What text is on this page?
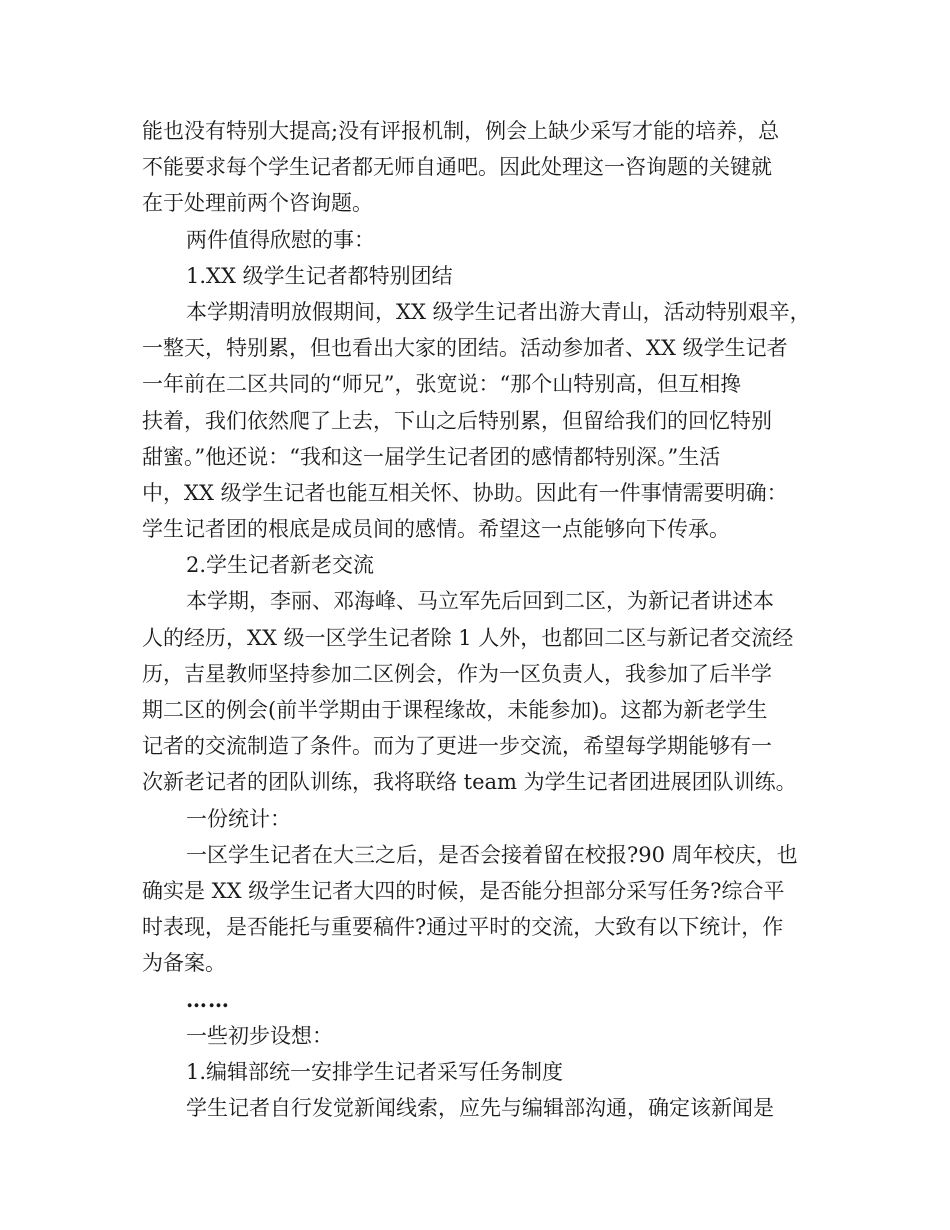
能也没有特别大提高;没有评报机制，例会上缺少采写才能的培养，总
不能要求每个学生记者都无师自通吧。因此处理这一咨询题的关键就
在于处理前两个咨询题。
两件值得欣慰的事：
1.XX 级学生记者都特别团结
本学期清明放假期间，XX 级学生记者出游大青山，活动特别艰辛，
一整天，特别累，但也看出大家的团结。活动参加者、XX 级学生记者
一年前在二区共同的“师兄”，张宽说：“那个山特别高，但互相搀
扶着，我们依然爬了上去，下山之后特别累，但留给我们的回忆特别
甜蜜。”他还说：“我和这一届学生记者团的感情都特别深。”生活
中，XX 级学生记者也能互相关怀、协助。因此有一件事情需要明确：
学生记者团的根底是成员间的感情。希望这一点能够向下传承。
2.学生记者新老交流
本学期，李丽、邓海峰、马立军先后回到二区，为新记者讲述本
人的经历，XX 级一区学生记者除 1 人外，也都回二区与新记者交流经
历，吉星教师坚持参加二区例会，作为一区负责人，我参加了后半学
期二区的例会(前半学期由于课程缘故，未能参加)。这都为新老学生
记者的交流制造了条件。而为了更进一步交流，希望每学期能够有一
次新老记者的团队训练，我将联络 team 为学生记者团进展团队训练。
一份统计：
一区学生记者在大三之后，是否会接着留在校报?90 周年校庆，也
确实是 XX 级学生记者大四的时候，是否能分担部分采写任务?综合平
时表现，是否能托与重要稿件?通过平时的交流，大致有以下统计，作
为备案。
……
一些初步设想：
1.编辑部统一安排学生记者采写任务制度
学生记者自行发觉新闻线索，应先与编辑部沟通，确定该新闻是
